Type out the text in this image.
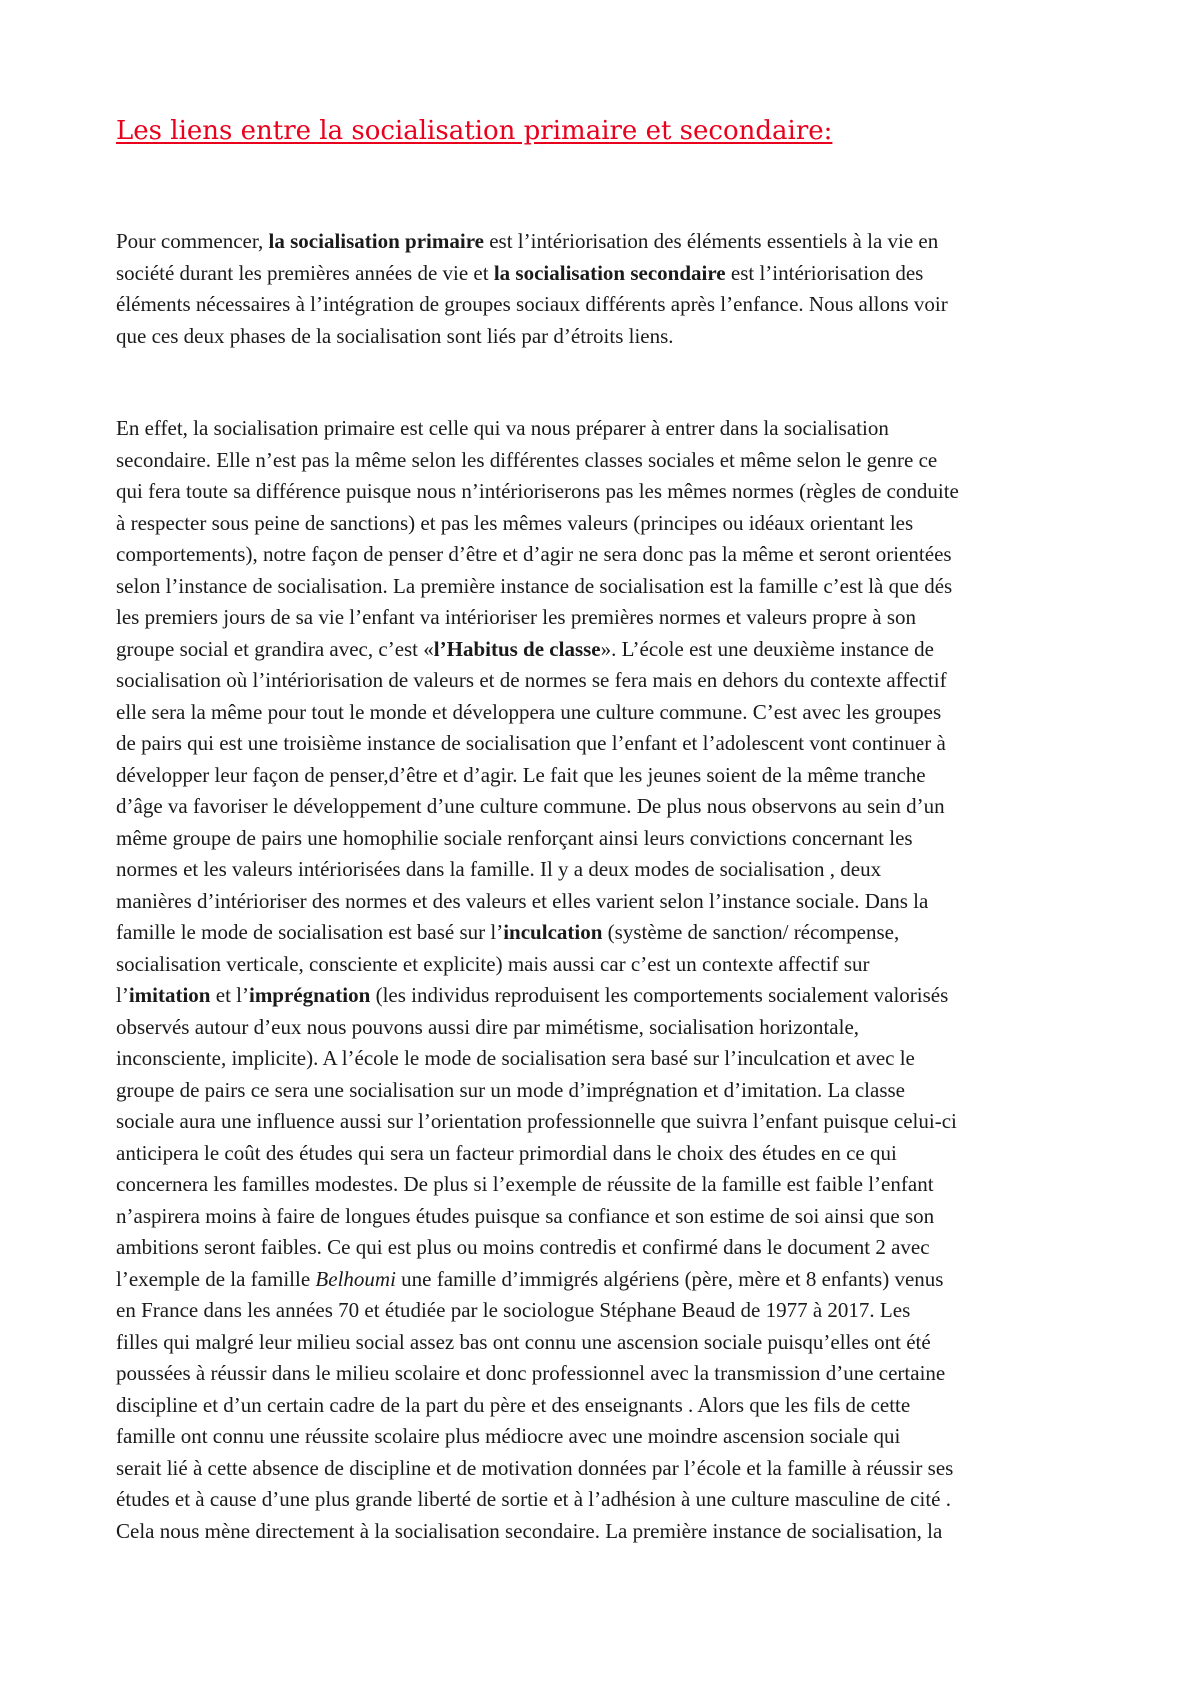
Les liens entre la socialisation primaire et secondaire:
Pour commencer, la socialisation primaire est l’intériorisation des éléments essentiels à la vie en
société durant les premières années de vie et la socialisation secondaire est l’intériorisation des
éléments nécessaires à l’intégration de groupes sociaux différents après l’enfance. Nous allons voir
que ces deux phases de la socialisation sont liés par d’étroits liens.
En effet, la socialisation primaire est celle qui va nous préparer à entrer dans la socialisation
secondaire. Elle n’est pas la même selon les différentes classes sociales et même selon le genre ce
qui fera toute sa différence puisque nous n’intérioriserons pas les mêmes normes (règles de conduite
à respecter sous peine de sanctions) et pas les mêmes valeurs (principes ou idéaux orientant les
comportements), notre façon de penser d’être et d’agir ne sera donc pas la même et seront orientées
selon l’instance de socialisation. La première instance de socialisation est la famille c’est là que dés
les premiers jours de sa vie l’enfant va intérioriser les premières normes et valeurs propre à son
groupe social et grandira avec, c’est «l’Habitus de classe». L’école est une deuxième instance de
socialisation où l’intériorisation de valeurs et de normes se fera mais en dehors du contexte affectif
elle sera la même pour tout le monde et développera une culture commune. C’est avec les groupes
de pairs qui est une troisième instance de socialisation que l’enfant et l’adolescent vont continuer à
développer leur façon de penser,d’être et d’agir. Le fait que les jeunes soient de la même tranche
d’âge va favoriser le développement d’une culture commune. De plus nous observons au sein d’un
même groupe de pairs une homophilie sociale renforçant ainsi leurs convictions concernant les
normes et les valeurs intériorisées dans la famille. Il y a deux modes de socialisation , deux
manières d’intérioriser des normes et des valeurs et elles varient selon l’instance sociale. Dans la
famille le mode de socialisation est basé sur l’inculcation (système de sanction/ récompense,
socialisation verticale, consciente et explicite) mais aussi car c’est un contexte affectif sur
l’imitation et l’imprégnation (les individus reproduisent les comportements socialement valorisés
observés autour d’eux nous pouvons aussi dire par mimétisme, socialisation horizontale,
inconsciente, implicite). A l’école le mode de socialisation sera basé sur l’inculcation et avec le
groupe de pairs ce sera une socialisation sur un mode d’imprégnation et d’imitation. La classe
sociale aura une influence aussi sur l’orientation professionnelle que suivra l’enfant puisque celui-ci
anticipera le coût des études qui sera un facteur primordial dans le choix des études en ce qui
concernera les familles modestes. De plus si l’exemple de réussite de la famille est faible l’enfant
n’aspirera moins à faire de longues études puisque sa confiance et son estime de soi ainsi que son
ambitions seront faibles. Ce qui est plus ou moins contredis et confirmé dans le document 2 avec
l’exemple de la famille Belhoumi une famille d’immigrés algériens (père, mère et 8 enfants) venus
en France dans les années 70 et étudiée par le sociologue Stéphane Beaud de 1977 à 2017. Les
filles qui malgré leur milieu social assez bas ont connu une ascension sociale puisqu’elles ont été
poussées à réussir dans le milieu scolaire et donc professionnel avec la transmission d’une certaine
discipline et d’un certain cadre de la part du père et des enseignants . Alors que les fils de cette
famille ont connu une réussite scolaire plus médiocre avec une moindre ascension sociale qui
serait lié à cette absence de discipline et de motivation données par l’école et la famille à réussir ses
études et à cause d’une plus grande liberté de sortie et à l’adhésion à une culture masculine de cité .
Cela nous mène directement à la socialisation secondaire. La première instance de socialisation, la
